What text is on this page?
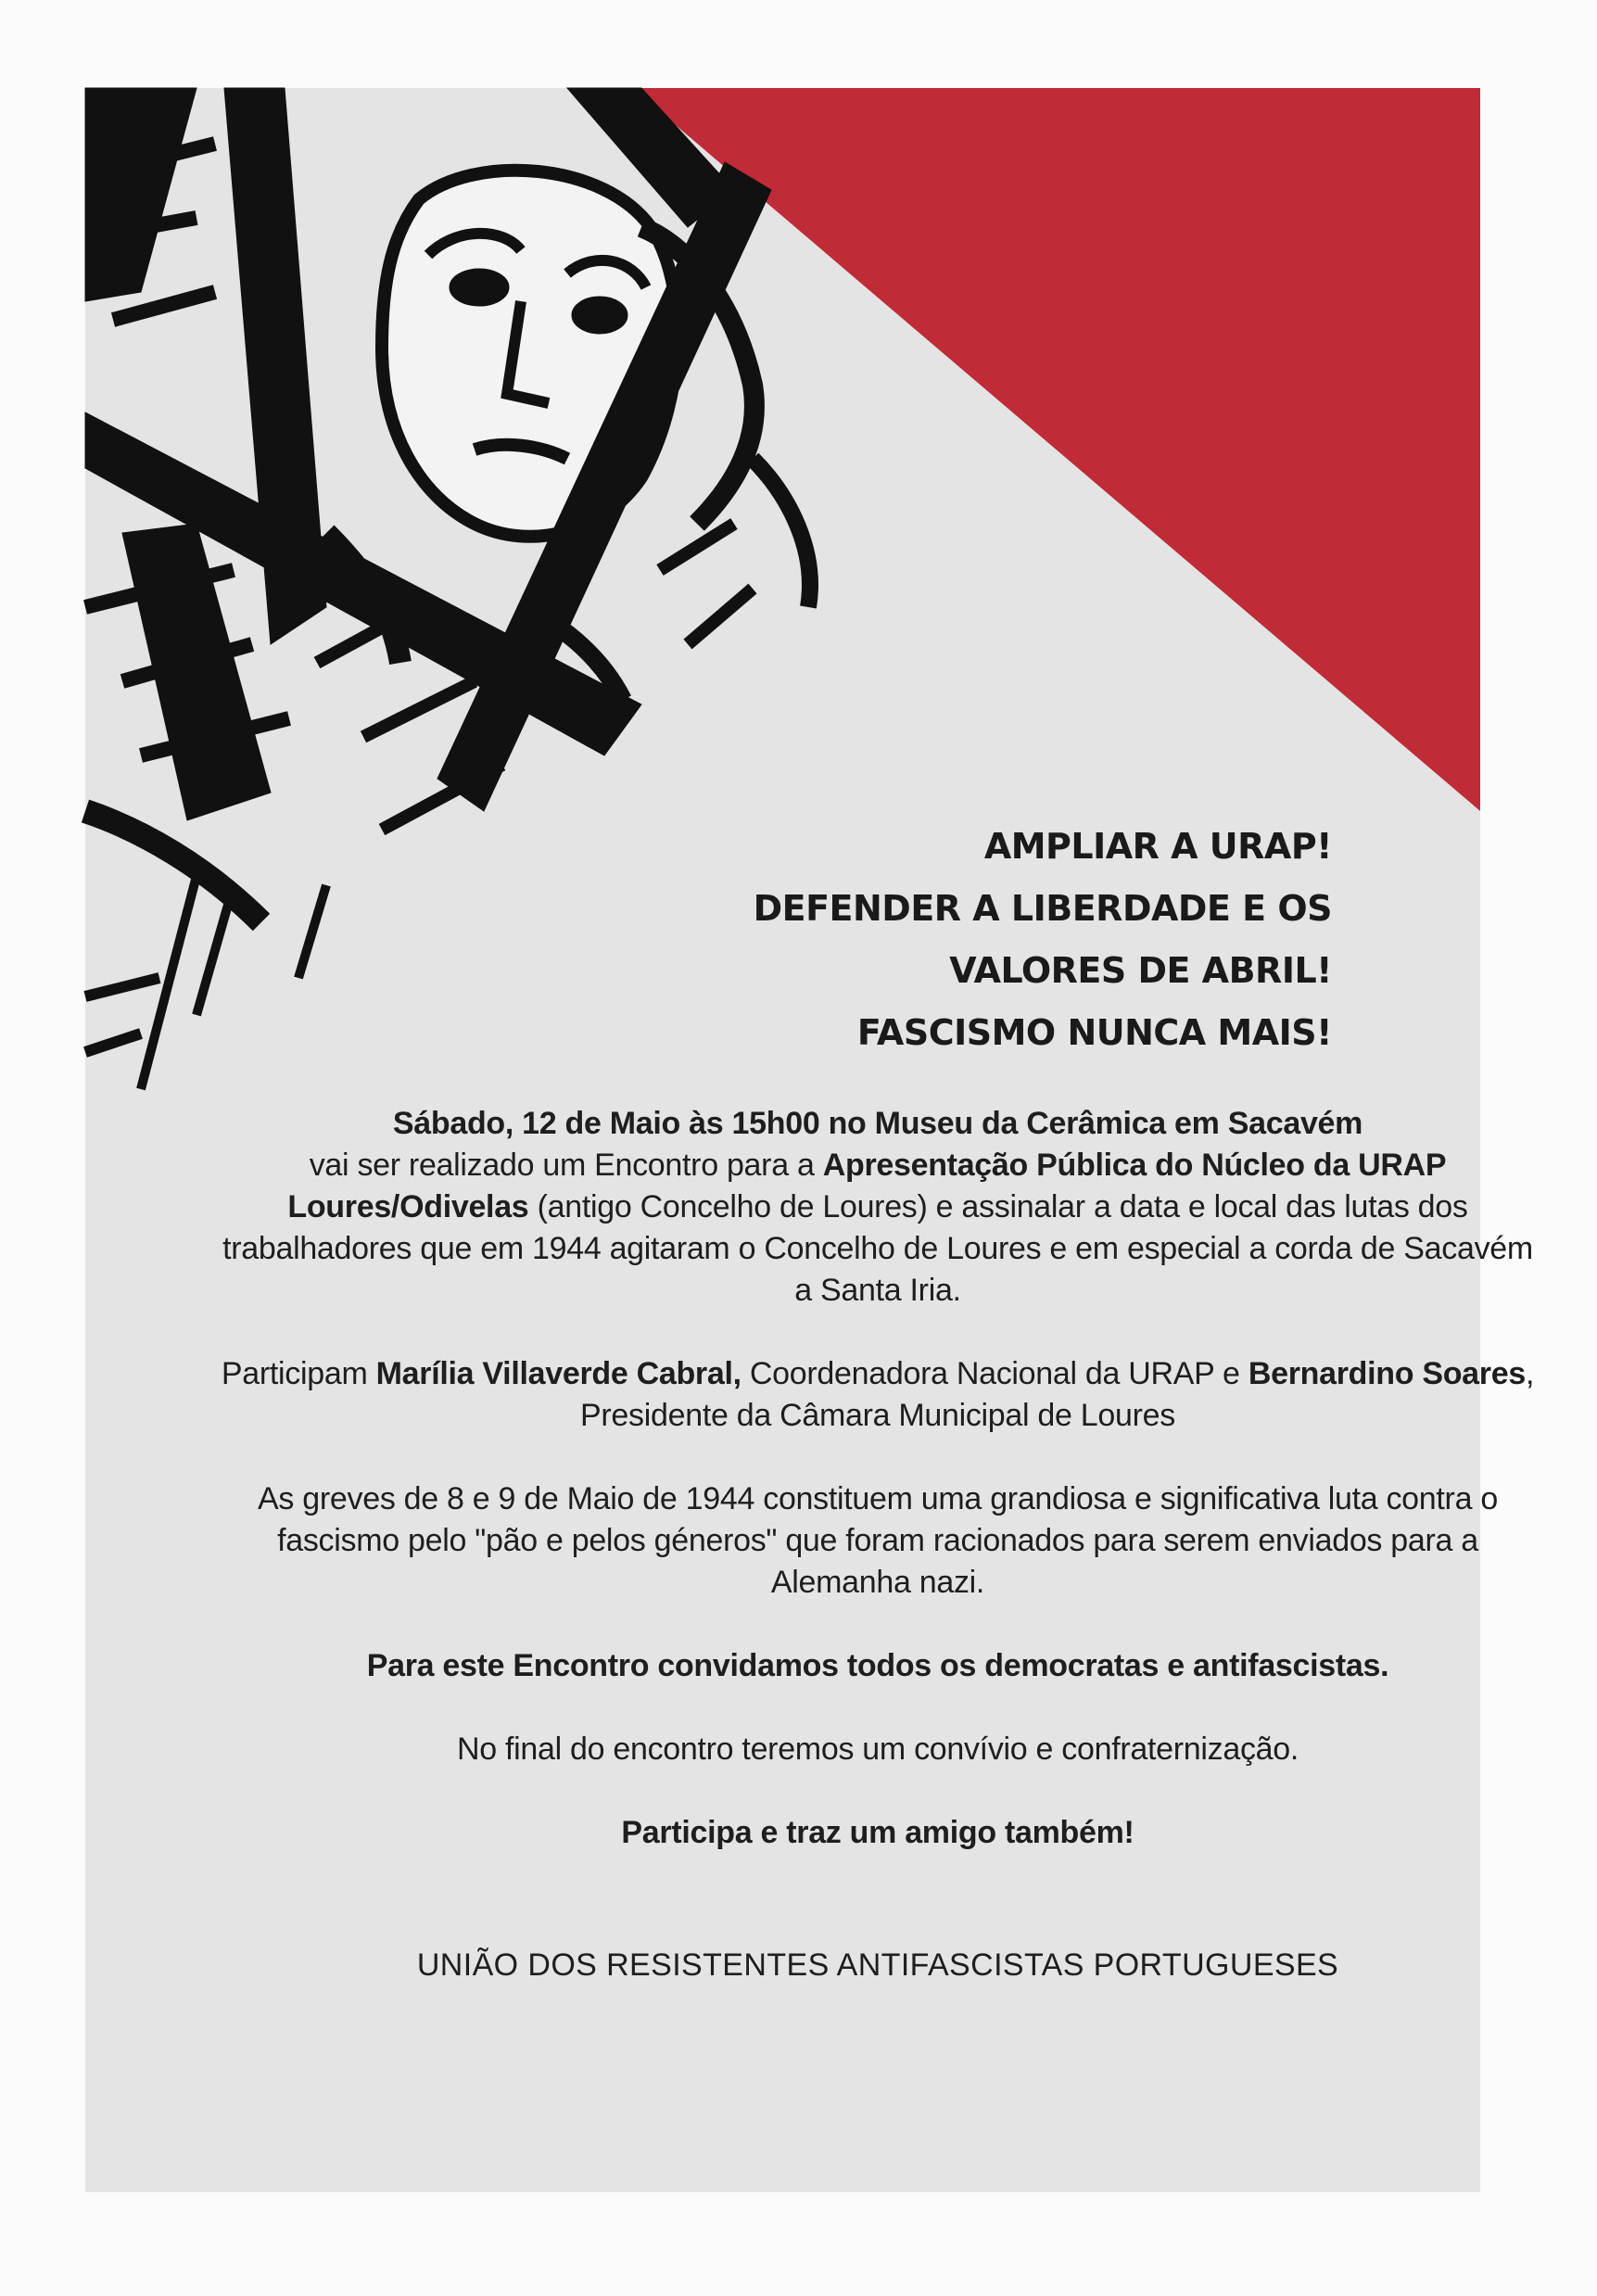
AMPLIAR A URAP!
DEFENDER A LIBERDADE E OS
VALORES DE ABRIL!
FASCISMO NUNCA MAIS!

Sábado, 12 de Maio às 15h00 no Museu da Cerâmica em Sacavém
vai ser realizado um Encontro para a Apresentação Pública do Núcleo da URAP Loures/Odivelas (antigo Concelho de Loures) e assinalar a data e local das lutas dos trabalhadores que em 1944 agitaram o Concelho de Loures e em especial a corda de Sacavém a Santa Iria.

Participam Marília Villaverde Cabral, Coordenadora Nacional da URAP e Bernardino Soares, Presidente da Câmara Municipal de Loures

As greves de 8 e 9 de Maio de 1944 constituem uma grandiosa e significativa luta contra o fascismo pelo "pão e pelos géneros" que foram racionados para serem enviados para a Alemanha nazi.

Para este Encontro convidamos todos os democratas e antifascistas.

No final do encontro teremos um convívio e confraternização.

Participa e traz um amigo também!

UNIÃO DOS RESISTENTES ANTIFASCISTAS PORTUGUESES
